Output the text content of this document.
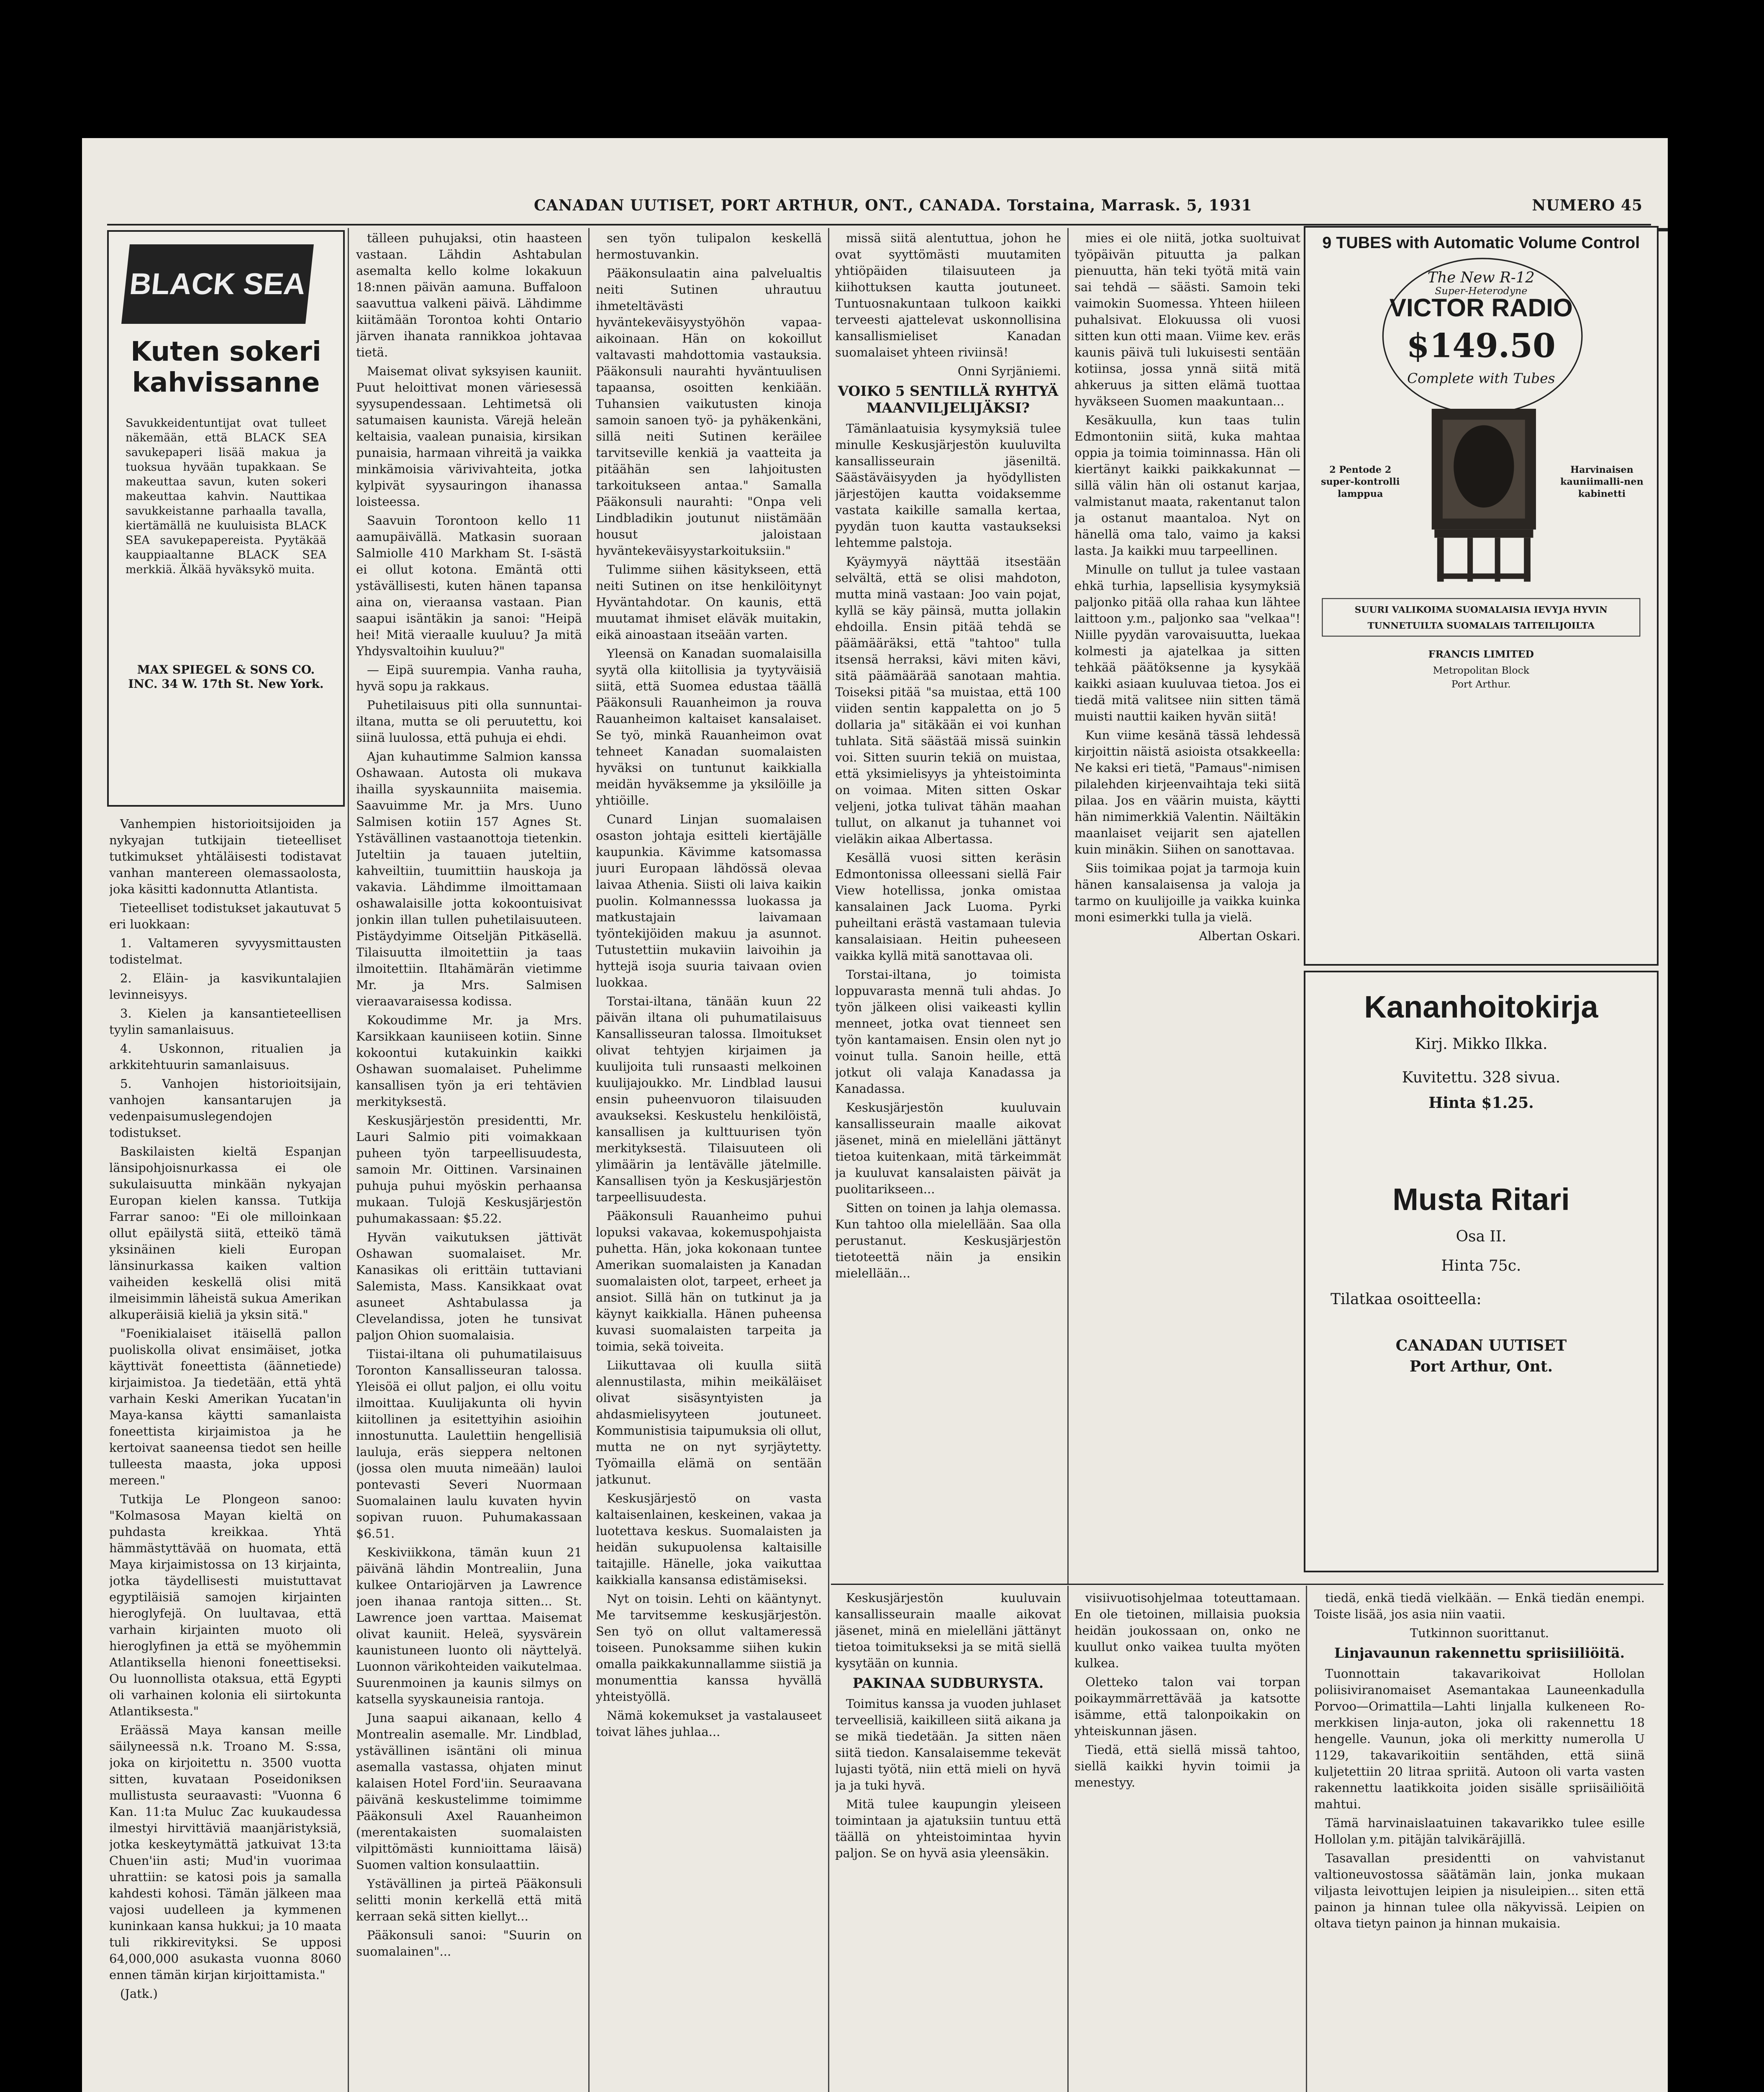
CANADAN UUTISET, PORT ARTHUR, ONT., CANADA. Torstaina, Marrask. 5, 1931	NUMERO 45
BLACK SEA
Kuten sokeri kahvissanne
Savukkeidentuntijat ovat tulleet näkemään, että BLACK SEA savukepaperi lisää makua ja tuoksua hyvään tupakkaan. Se makeuttaa savun, kuten sokeri makeuttaa kahvin. Nauttikaa savukkeistanne parhaalla tavalla, kiertämällä ne kuuluisista BLACK SEA savukepapereista. Pyytäkää kauppiaaltanne BLACK SEA merkkiä. Älkää hyväksykö muita.
MAX SPIEGEL & SONS CO. INC. 34 W. 17th St. New York.

Vanhempien historioitsijoiden ja nykyajan tutkijain tieteelliset tutkimukset yhtäläisesti todistavat vanhan mantereen olemassaolosta, joka käsitti kadonnutta Atlantista.

Tieteelliset todistukset jakautuvat 5 eri luokkaan:

1. Valtameren syvyysmittausten todistelmat.

2. Eläin- ja kasvikuntalajien levinneisyys.

3. Kielen ja kansantieteellisen tyylin samanlaisuus.

4. Uskonnon, ritualien ja arkkitehtuurin samanlaisuus.

5. Vanhojen historioitsijain, vanhojen kansantarujen ja vedenpaisumuslegendojen todistukset.

Baskilaisten kieltä Espanjan länsipohjoisnurkassa ei ole sukulaisuutta minkään nykyajan Europan kielen kanssa. Tutkija Farrar sanoo: "Ei ole milloinkaan ollut epäilystä siitä, etteikö tämä yksinäinen kieli Europan länsinurkassa kaiken valtion vaiheiden keskellä olisi mitä ilmeisimmin läheistä sukua Amerikan alkuperäisiä kieliä ja yksin sitä."

"Foenikialaiset itäisellä pallon puoliskolla olivat ensimäiset, jotka käyttivät foneettista (äännetiede) kirjaimistoa. Ja tiedetään, että yhtä varhain Keski Amerikan Yucatan'in Maya-kansa käytti samanlaista foneettista kirjaimistoa ja he kertoivat saaneensa tiedot sen heille tulleesta maasta, joka upposi mereen."

Tutkija Le Plongeon sanoo: "Kolmasosa Mayan kieltä on puhdasta kreikkaa. Yhtä hämmästyttävää on huomata, että Maya kirjaimistossa on 13 kirjainta, jotka täydellisesti muistuttavat egyptiläisiä samojen kirjainten hieroglyfejä. On luultavaa, että varhain kirjainten muoto oli hieroglyfinen ja että se myöhemmin Atlantiksella hienoni foneettiseksi. Ou luonnollista otaksua, että Egypti oli varhainen kolonia eli siirtokunta Atlantiksesta."

Eräässä Maya kansan meille säilyneessä n.k. Troano M. S:ssa, joka on kirjoitettu n. 3500 vuotta sitten, kuvataan Poseidoniksen mullistusta seuraavasti: "Vuonna 6 Kan. 11:ta Muluc Zac kuukaudessa ilmestyi hirvittäviä maanjäristyksiä, jotka keskeytymättä jatkuivat 13:ta Chuen'iin asti; Mud'in vuorimaa uhrattiin: se katosi pois ja samalla kahdesti kohosi. Tämän jälkeen maa vajosi uudelleen ja kymmenen kuninkaan kansa hukkui; ja 10 maata tuli rikkirevityksi. Se upposi 64,000,000 asukasta vuonna 8060 ennen tämän kirjan kirjoittamista."

(Jatk.)

tälleen puhujaksi, otin haasteen vastaan. Lähdin Ashtabulan asemalta kello kolme lokakuun 18:nnen päivän aamuna. Buffaloon saavuttua valkeni päivä. Lähdimme kiitämään Torontoa kohti Ontario järven ihanata rannikkoa johtavaa tietä.

Maisemat olivat syksyisen kauniit. Puut heloittivat monen väriesessä syysupendessaan. Lehtimetsä oli satumaisen kaunista. Värejä heleän keltaisia, vaalean punaisia, kirsikan punaisia, harmaan vihreitä ja vaikka minkämoisia värivivahteita, jotka kylpivät syysauringon ihanassa loisteessa.

Saavuin Torontoon kello 11 aamupäivällä. Matkasin suoraan Salmiolle 410 Markham St. I-sästä ei ollut kotona. Emäntä otti ystävällisesti, kuten hänen tapansa aina on, vieraansa vastaan. Pian saapui isäntäkin ja sanoi: "Heipä hei! Mitä vieraalle kuuluu? Ja mitä Yhdysvaltoihin kuuluu?"

— Eipä suurempia. Vanha rauha, hyvä sopu ja rakkaus.

Puhetilaisuus piti olla sunnuntai-iltana, mutta se oli peruutettu, koi siinä luulossa, että puhuja ei ehdi.

Ajan kuhautimme Salmion kanssa Oshawaan. Autosta oli mukava ihailla syyskaunniita maisemia. Saavuimme Mr. ja Mrs. Uuno Salmisen kotiin 157 Agnes St. Ystävällinen vastaanottoja tietenkin. Juteltiin ja tauaen juteltiin, kahveiltiin, tuumittiin hauskoja ja vakavia. Lähdimme ilmoittamaan oshawalaisille jotta kokoontuisivat jonkin illan tullen puhetilaisuuteen. Pistäydyimme Oitseljän Pitkäsellä. Tilaisuutta ilmoitettiin ja taas ilmoitettiin. Iltahämärän vietimme Mr. ja Mrs. Salmisen vieraavaraisessa kodissa.

Kokoudimme Mr. ja Mrs. Karsikkaan kauniiseen kotiin. Sinne kokoontui kutakuinkin kaikki Oshawan suomalaiset. Puhelimme kansallisen työn ja eri tehtävien merkityksestä.

Keskusjärjestön presidentti, Mr. Lauri Salmio piti voimakkaan puheen työn tarpeellisuudesta, samoin Mr. Oittinen. Varsinainen puhuja puhui myöskin perhaansa mukaan. Tulojä Keskusjärjestön puhumakassaan: $5.22.

Hyvän vaikutuksen jättivät Oshawan suomalaiset. Mr. Kanasikas oli erittäin tuttaviani Salemista, Mass. Kansikkaat ovat asuneet Ashtabulassa ja Clevelandissa, joten he tunsivat paljon Ohion suomalaisia.

Tiistai-iltana oli puhumatilaisuus Toronton Kansallisseuran talossa. Yleisöä ei ollut paljon, ei ollu voitu ilmoittaa. Kuulijakunta oli hyvin kiitollinen ja esitettyihin asioihin innostunutta. Laulettiin hengellisiä lauluja, eräs sieppera neltonen (jossa olen muuta nimeään) lauloi pontevasti Severi Nuormaan Suomalainen laulu kuvaten hyvin sopivan ruuon. Puhumakassaan $6.51.

Keskiviikkona, tämän kuun 21 päivänä lähdin Montrealiin, Juna kulkee Ontariojärven ja Lawrence joen ihanaa rantoja sitten... St. Lawrence joen varttaa. Maisemat olivat kauniit. Heleä, syysvärein kaunistuneen luonto oli näyttelyä. Luonnon värikohteiden vaikutelmaa. Suurenmoinen ja kaunis silmys on katsella syyskauneisia rantoja.

Juna saapui aikanaan, kello 4 Montrealin asemalle. Mr. Lindblad, ystävällinen isäntäni oli minua asemalla vastassa, ohjaten minut kalaisen Hotel Ford'iin. Seuraavana päivänä keskustelimme toimimme Pääkonsuli Axel Rauanheimon (merentakaisten suomalaisten vilpittömästi kunnioittama läisä) Suomen valtion konsulaattiin.

Ystävällinen ja pirteä Pääkonsuli selitti monin kerkellä että mitä kerraan sekä sitten kiellyt...

Pääkonsuli sanoi: "Suurin on suomalainen"...

sen työn tulipalon keskellä hermostuvankin.

Pääkonsulaatin aina palvelualtis neiti Sutinen uhrautuu ihmeteltävästi hyväntekeväisyystyöhön vapaa-aikoinaan. Hän on kokoillut valtavasti mahdottomia vastauksia. Pääkonsuli naurahti hyväntuulisen tapaansa, osoitten kenkiään. Tuhansien vaikutusten kinoja samoin sanoen työ- ja pyhäkenkäni, sillä neiti Sutinen keräilee tarvitseville kenkiä ja vaatteita ja pitäähän sen lahjoitusten tarkoitukseen antaa." Samalla Pääkonsuli naurahti: "Onpa veli Lindbladikin joutunut niistämään housut jaloistaan hyväntekeväisyystarkoituksiin."

Tulimme siihen käsitykseen, että neiti Sutinen on itse henkilöitynyt Hyväntahdotar. On kaunis, että muutamat ihmiset eläväk muitakin, eikä ainoastaan itseään varten.

Yleensä on Kanadan suomalaisilla syytä olla kiitollisia ja tyytyväisiä siitä, että Suomea edustaa täällä Pääkonsuli Rauanheimon ja rouva Rauanheimon kaltaiset kansalaiset. Se työ, minkä Rauanheimon ovat tehneet Kanadan suomalaisten hyväksi on tuntunut kaikkialla meidän hyväksemme ja yksilöille ja yhtiöille.

Cunard Linjan suomalaisen osaston johtaja esitteli kiertäjälle kaupunkia. Kävimme katsomassa juuri Europaan lähdössä olevaa laivaa Athenia. Siisti oli laiva kaikin puolin. Kolmannesssa luokassa ja matkustajain laivamaan työntekijöiden makuu ja asunnot. Tutustettiin mukaviin laivoihin ja hyttejä isoja suuria taivaan ovien luokkaa.

Torstai-iltana, tänään kuun 22 päivän iltana oli puhumatilaisuus Kansallisseuran talossa. Ilmoitukset olivat tehtyjen kirjaimen ja kuulijoita tuli runsaasti melkoinen kuulijajoukko. Mr. Lindblad lausui ensin puheenvuoron tilaisuuden avaukseksi. Keskustelu henkilöistä, kansallisen ja kulttuurisen työn merkityksestä. Tilaisuuteen oli ylimäärin ja lentävälle jätelmille. Kansallisen työn ja Keskusjärjestön tarpeellisuudesta.

Pääkonsuli Rauanheimo puhui lopuksi vakavaa, kokemuspohjaista puhetta. Hän, joka kokonaan tuntee Amerikan suomalaisten ja Kanadan suomalaisten olot, tarpeet, erheet ja ansiot. Sillä hän on tutkinut ja ja käynyt kaikkialla. Hänen puheensa kuvasi suomalaisten tarpeita ja toimia, sekä toiveita.

Liikuttavaa oli kuulla siitä alennustilasta, mihin meikäläiset olivat sisäsyntyisten ja ahdasmielisyyteen joutuneet. Kommunistisia taipumuksia oli ollut, mutta ne on nyt syrjäytetty. Työmailla elämä on sentään jatkunut.

Keskusjärjestö on vasta kaltaisenlainen, keskeinen, vakaa ja luotettava keskus. Suomalaisten ja heidän sukupuolensa kaltaisille taitajille. Hänelle, joka vaikuttaa kaikkialla kansansa edistämiseksi.

Nyt on toisin. Lehti on kääntynyt. Me tarvitsemme keskusjärjestön. Sen työ on ollut valtameressä toiseen. Punoksamme siihen kukin omalla paikkakunnallamme siistiä ja monumenttia kanssa hyvällä yhteistyöllä.

Nämä kokemukset ja vastalauseet toivat lähes juhlaa...

missä siitä alentuttua, johon he ovat syyttömästi muutamiten yhtiöpäiden tilaisuuteen ja kiihottuksen kautta joutuneet. Tuntuosnakuntaan tulkoon kaikki terveesti ajattelevat uskonnollisina kansallismieliset Kanadan suomalaiset yhteen riviinsä!

Onni Syrjäniemi.

VOIKO 5 SENTILLÄ RYHTYÄ MAANVILJELIJÄKSI?

Tämänlaatuisia kysymyksiä tulee minulle Keskusjärjestön kuuluvilta kansallisseurain jäseniltä. Säästäväisyyden ja hyödyllisten järjestöjen kautta voidaksemme vastata kaikille samalla kertaa, pyydän tuon kautta vastaukseksi lehtemme palstoja.

Kyäymyyä näyttää itsestään selvältä, että se olisi mahdoton, mutta minä vastaan: Joo vain pojat, kyllä se käy päinsä, mutta jollakin ehdoilla. Ensin pitää tehdä se päämääräksi, että "tahtoo" tulla itsensä herraksi, kävi miten kävi, sitä päämäärää sanotaan mahtia. Toiseksi pitää "sa muistaa, että 100 viiden sentin kappaletta on jo 5 dollaria ja" sitäkään ei voi kunhan tuhlata. Sitä säästää missä suinkin voi. Sitten suurin tekiä on muistaa, että yksimielisyys ja yhteistoiminta on voimaa. Miten sitten Oskar veljeni, jotka tulivat tähän maahan tullut, on alkanut ja tuhannet voi vieläkin aikaa Albertassa.

Kesällä vuosi sitten keräsin Edmontonissa olleessani siellä Fair View hotellissa, jonka omistaa kansalainen Jack Luoma. Pyrki puheiltani erästä vastamaan tulevia kansalaisiaan. Heitin puheeseen vaikka kyllä mitä sanottavaa oli.

Torstai-iltana, jo toimista loppuvarasta mennä tuli ahdas. Jo työn jälkeen olisi vaikeasti kyllin menneet, jotka ovat tienneet sen työn kantamaisen. Ensin olen nyt jo voinut tulla. Sanoin heille, että jotkut oli valaja Kanadassa ja Kanadassa.

Keskusjärjestön kuuluvain kansallisseurain maalle aikovat jäsenet, minä en mielelläni jättänyt tietoa kuitenkaan, mitä tärkeimmät ja kuuluvat kansalaisten päivät ja puolitarikseen...

Sitten on toinen ja lahja olemassa. Kun tahtoo olla mielellään. Saa olla perustanut. Keskusjärjestön tietoteettä näin ja ensikin mielellään...

mies ei ole niitä, jotka suoltuivat työpäivän pituutta ja palkan pienuutta, hän teki työtä mitä vain sai tehdä — säästi. Samoin teki vaimokin Suomessa. Yhteen hiileen puhalsivat. Elokuussa oli vuosi sitten kun otti maan. Viime kev. eräs kaunis päivä tuli lukuisesti sentään kotiinsa, jossa ynnä siitä mitä ahkeruus ja sitten elämä tuottaa hyväkseen Suomen maakuntaan...

Kesäkuulla, kun taas tulin Edmontoniin siitä, kuka mahtaa oppia ja toimia toiminnassa. Hän oli kiertänyt kaikki paikkakunnat — sillä välin hän oli ostanut karjaa, valmistanut maata, rakentanut talon ja ostanut maantaloa. Nyt on hänellä oma talo, vaimo ja kaksi lasta. Ja kaikki muu tarpeellinen.

Minulle on tullut ja tulee vastaan ehkä turhia, lapsellisia kysymyksiä paljonko pitää olla rahaa kun lähtee laittoon y.m., paljonko saa "velkaa"! Niille pyydän varovaisuutta, luekaa kolmesti ja ajatelkaa ja sitten tehkää päätöksenne ja kysykää kaikki asiaan kuuluvaa tietoa. Jos ei tiedä mitä valitsee niin sitten tämä muisti nauttii kaiken hyvän siitä!

Kun viime kesänä tässä lehdessä kirjoittin näistä asioista otsakkeella: Ne kaksi eri tietä, "Pamaus"-nimisen pilalehden kirjeenvaihtaja teki siitä pilaa. Jos en väärin muista, käytti hän nimimerkkiä Valentin. Näiltäkin maanlaiset veijarit sen ajatellen kuin minäkin. Siihen on sanottavaa.

Siis toimikaa pojat ja tarmoja kuin hänen kansalaisensa ja valoja ja tarmo on kuulijoille ja vaikka kuinka moni esimerkki tulla ja vielä.

Albertan Oskari.

9 TUBES with Automatic Volume Control
The New R-12
Super-Heterodyne
VICTOR RADIO
$149.50
Complete with Tubes
2 Pentode 2 super-kontrolli lamppua
Harvinaisen kauniimalli-nen kabinetti
SUURI VALIKOIMA SUOMALAISIA IEVYJA HYVIN TUNNETUILTA SUOMALAIS TAITEILIJOILTA
FRANCIS LIMITED
Metropolitan Block
Port Arthur.
Kananhoitokirja
Kirj. Mikko Ilkka.
Kuvitettu. 328 sivua.
Hinta $1.25.
Musta Ritari
Osa II.
Hinta 75c.
Tilatkaa osoitteella:
CANADAN UUTISET
Port Arthur, Ont.

Keskusjärjestön kuuluvain kansallisseurain maalle aikovat jäsenet, minä en mielelläni jättänyt tietoa toimitukseksi ja se mitä siellä kysytään on kunnia.

PAKINAA SUDBURYSTA.

Toimitus kanssa ja vuoden juhlaset terveellisiä, kaikilleen siitä aikana ja se mikä tiedetään. Ja sitten näen siitä tiedon. Kansalaisemme tekevät lujasti työtä, niin että mieli on hyvä ja ja tuki hyvä.

Mitä tulee kaupungin yleiseen toimintaan ja ajatuksiin tuntuu että täällä on yhteistoimintaa hyvin paljon. Se on hyvä asia yleensäkin.

visiivuotisohjelmaa toteuttamaan. En ole tietoinen, millaisia puoksia heidän joukossaan on, onko ne kuullut onko vaikea tuulta myöten kulkea.

Oletteko talon vai torpan poikaymmärrettävää ja katsotte isämme, että talonpoikakin on yhteiskunnan jäsen.

Tiedä, että siellä missä tahtoo, siellä kaikki hyvin toimii ja menestyy.

tiedä, enkä tiedä vielkään. — Enkä tiedän enempi. Toiste lisää, jos asia niin vaatii.

Tutkinnon suorittanut.

Linjavaunun rakennettu spriisiiliöitä.

Tuonnottain takavarikoivat Hollolan poliisiviranomaiset Asemantakaa Launeenkadulla Porvoo—Orimattila—Lahti linjalla kulkeneen Ro-merkkisen linja-auton, joka oli rakennettu 18 hengelle. Vaunun, joka oli merkitty numerolla U 1129, takavarikoitiin sentähden, että siinä kuljetettiin 20 litraa spriitä. Autoon oli varta vasten rakennettu laatikkoita joiden sisälle spriisäiliöitä mahtui.

Tämä harvinaislaatuinen takavarikko tulee esille Hollolan y.m. pitäjän talvikäräjillä.

Tasavallan presidentti on vahvistanut valtioneuvostossa säätämän lain, jonka mukaan viljasta leivottujen leipien ja nisuleipien... siten että painon ja hinnan tulee olla näkyvissä. Leipien on oltava tietyn painon ja hinnan mukaisia.
